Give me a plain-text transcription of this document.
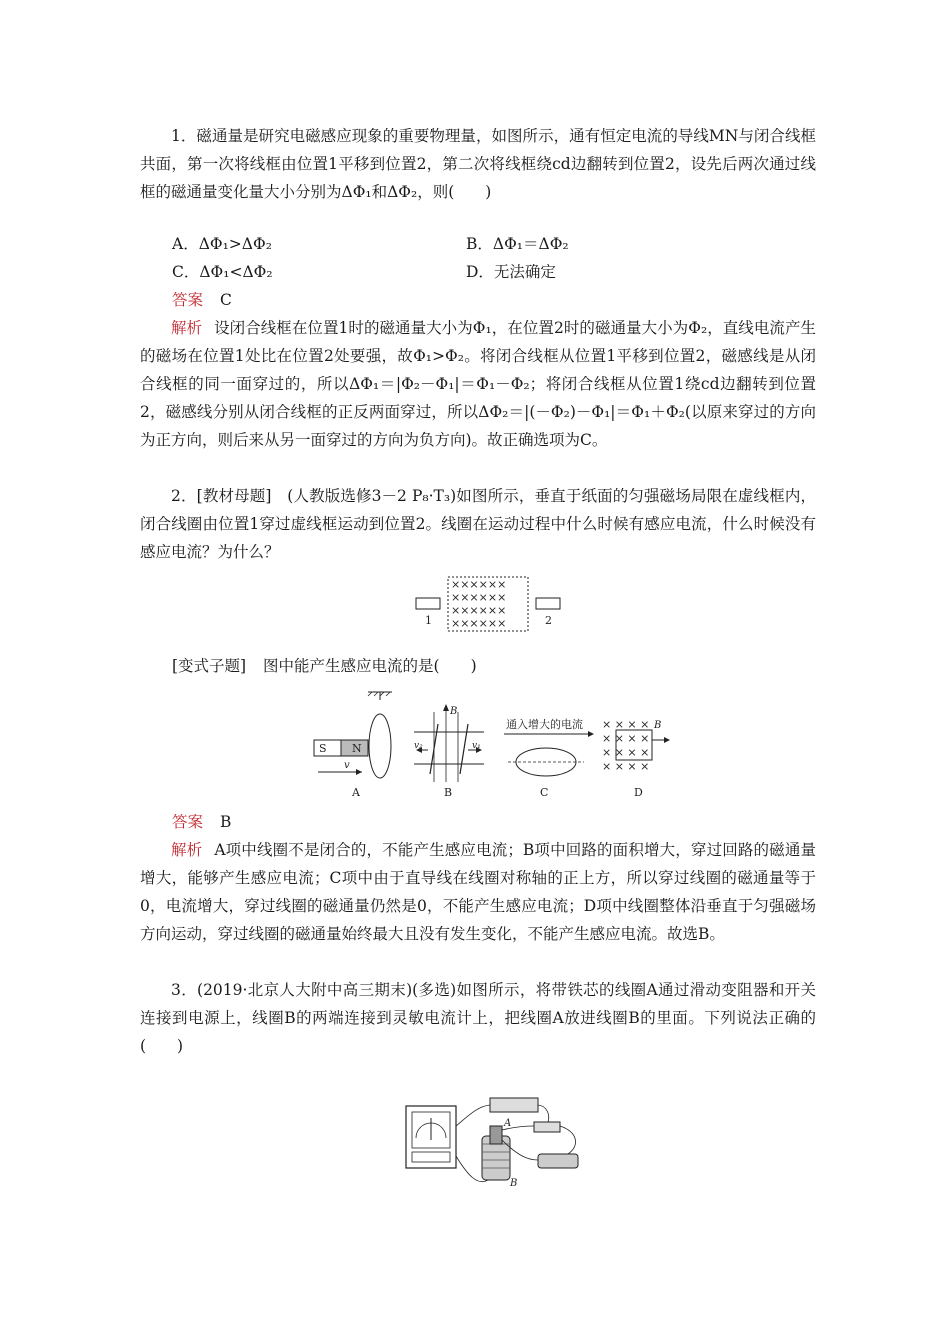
1．磁通量是研究电磁感应现象的重要物理量，如图所示，通有恒定电流的导线MN与闭合线框共面，第一次将线框由位置1平移到位置2，第二次将线框绕cd边翻转到位置2，设先后两次通过线框的磁通量变化量大小分别为ΔΦ₁和ΔΦ₂，则(　　)

A．ΔΦ₁>ΔΦ₂	B．ΔΦ₁＝ΔΦ₂
C．ΔΦ₁<ΔΦ₂	D．无法确定
答案 C

解析 设闭合线框在位置1时的磁通量大小为Φ₁，在位置2时的磁通量大小为Φ₂，直线电流产生的磁场在位置1处比在位置2处要强，故Φ₁>Φ₂。将闭合线框从位置1平移到位置2，磁感线是从闭合线框的同一面穿过的，所以ΔΦ₁＝|Φ₂－Φ₁|＝Φ₁－Φ₂；将闭合线框从位置1绕cd边翻转到位置2，磁感线分别从闭合线框的正反两面穿过，所以ΔΦ₂＝|(－Φ₂)－Φ₁|＝Φ₁＋Φ₂(以原来穿过的方向为正方向，则后来从另一面穿过的方向为负方向)。故正确选项为C。

2．[教材母题]　(人教版选修3－2 P₈·T₃)如图所示，垂直于纸面的匀强磁场局限在虚线框内，闭合线圈由位置1穿过虚线框运动到位置2。线圈在运动过程中什么时候有感应电流，什么时候没有感应电流？为什么？

××××××
××××××
××××××
××××××
1	2
[变式子题] 图中能产生感应电流的是(　　)
S N
v
A
B
v₂	v₁
B
通入增大的电流
C
× × × ×
× × × ×
× × × ×
× × × ×
B
D
答案 B

解析 A项中线圈不是闭合的，不能产生感应电流；B项中回路的面积增大，穿过回路的磁通量增大，能够产生感应电流；C项中由于直导线在线圈对称轴的正上方，所以穿过线圈的磁通量等于0，电流增大，穿过线圈的磁通量仍然是0，不能产生感应电流；D项中线圈整体沿垂直于匀强磁场方向运动，穿过线圈的磁通量始终最大且没有发生变化，不能产生感应电流。故选B。

3．(2019·北京人大附中高三期末)(多选)如图所示，将带铁芯的线圈A通过滑动变阻器和开关连接到电源上，线圈B的两端连接到灵敏电流计上，把线圈A放进线圈B的里面。下列说法正确的(　　)

A
B
